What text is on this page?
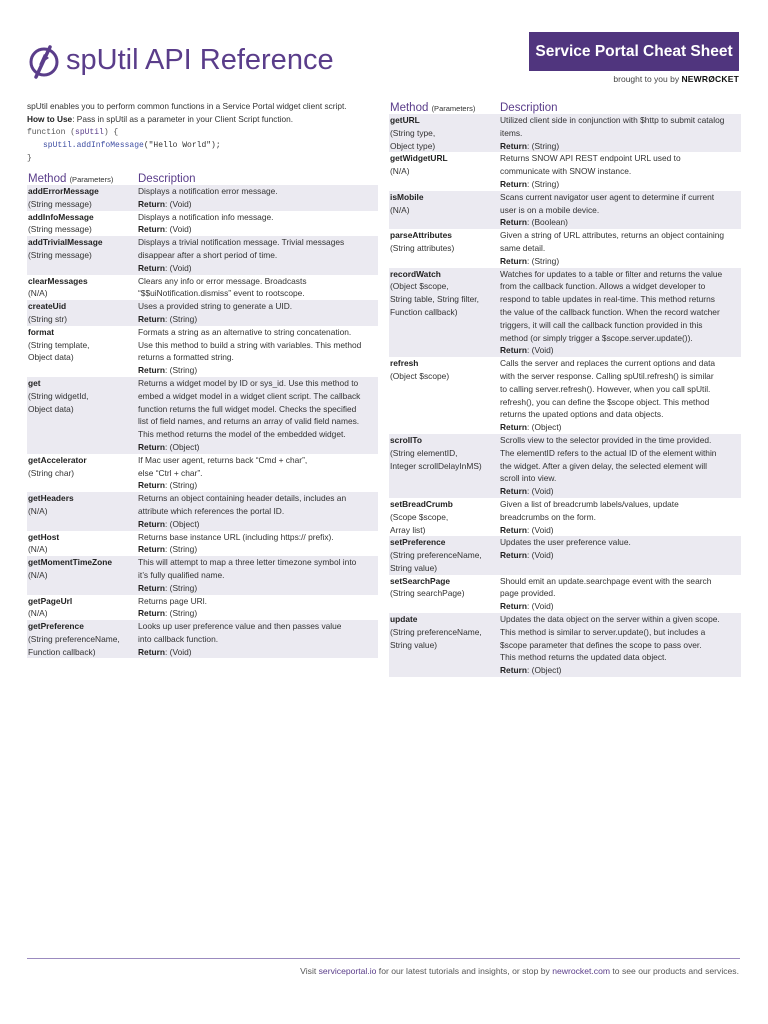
spUtil API Reference	Service Portal Cheat Sheet
brought to you by NEWRØCKET
spUtil enables you to perform common functions in a Service Portal widget client script.
How to Use: Pass in spUtil as a parameter in your Client Script function.
function (spUtil) {
spUtil.addInfoMessage("Hello World");
}
Method (Parameters)	Description
addErrorMessage
(String message)
Displays a notification error message.
Return: (Void)
addInfoMessage
(String message)
Displays a notification info message.
Return: (Void)
addTrivialMessage
(String message)
Displays a trivial notification message. Trivial messages
disappear after a short period of time.
Return: (Void)
clearMessages
(N/A)
Clears any info or error message. Broadcasts
“$$uiNotification.dismiss” event to rootscope.
createUid
(String str)
Uses a provided string to generate a UID.
Return: (String)
format
(String template,
Object data)
Formats a string as an alternative to string concatenation.
Use this method to build a string with variables. This method
returns a formatted string.
Return: (String)
get
(String widgetId,
Object data)
Returns a widget model by ID or sys_id. Use this method to
embed a widget model in a widget client script. The callback
function returns the full widget model. Checks the specified
list of field names, and returns an array of valid field names.
This method returns the model of the embedded widget.
Return: (Object)
getAccelerator
(String char)
If Mac user agent, returns back “Cmd + char”,
else “Ctrl + char”.
Return: (String)
getHeaders
(N/A)
Returns an object containing header details, includes an
attribute which references the portal ID.
Return: (Object)
getHost
(N/A)
Returns base instance URL (including https:// prefix).
Return: (String)
getMomentTimeZone
(N/A)
This will attempt to map a three letter timezone symbol into
it’s fully qualified name.
Return: (String)
getPageUrl
(N/A)
Returns page URl.
Return: (String)
getPreference
(String preferenceName,
Function callback)
Looks up user preference value and then passes value
into callback function.
Return: (Void)
Method (Parameters)	Description
getURL
(String type,
Object type)
Utilized client side in conjunction with $http to submit catalog
items.
Return: (String)
getWidgetURL
(N/A)
Returns SNOW API REST endpoint URL used to
communicate with SNOW instance.
Return: (String)
isMobile
(N/A)
Scans current navigator user agent to determine if current
user is on a mobile device.
Return: (Boolean)
parseAttributes
(String attributes)
Given a string of URL attributes, returns an object containing
same detail.
Return: (String)
recordWatch
(Object $scope,
String table, String filter,
Function callback)
Watches for updates to a table or filter and returns the value
from the callback function. Allows a widget developer to
respond to table updates in real-time. This method returns
the value of the callback function. When the record watcher
triggers, it will call the callback function provided in this
method (or simply trigger a $scope.server.update()).
Return: (Void)
refresh
(Object $scope)
Calls the server and replaces the current options and data
with the server response. Calling spUtil.refresh() is similar
to calling server.refresh(). However, when you call spUtil.
refresh(), you can define the $scope object. This method
returns the upated options and data objects.
Return: (Object)
scrollTo
(String elementID,
Integer scrollDelayInMS)
Scrolls view to the selector provided in the time provided.
The elementID refers to the actual ID of the element within
the widget. After a given delay, the selected element will
scroll into view.
Return: (Void)
setBreadCrumb
(Scope $scope,
Array list)
Given a list of breadcrumb labels/values, update
breadcrumbs on the form.
Return: (Void)
setPreference
(String preferenceName,
String value)
Updates the user preference value.
Return: (Void)
setSearchPage
(String searchPage)
Should emit an update.searchpage event with the search
page provided.
Return: (Void)
update
(String preferenceName,
String value)
Updates the data object on the server within a given scope.
This method is similar to server.update(), but includes a
$scope parameter that defines the scope to pass over.
This method returns the updated data object.
Return: (Object)
Visit serviceportal.io for our latest tutorials and insights, or stop by newrocket.com to see our products and services.
